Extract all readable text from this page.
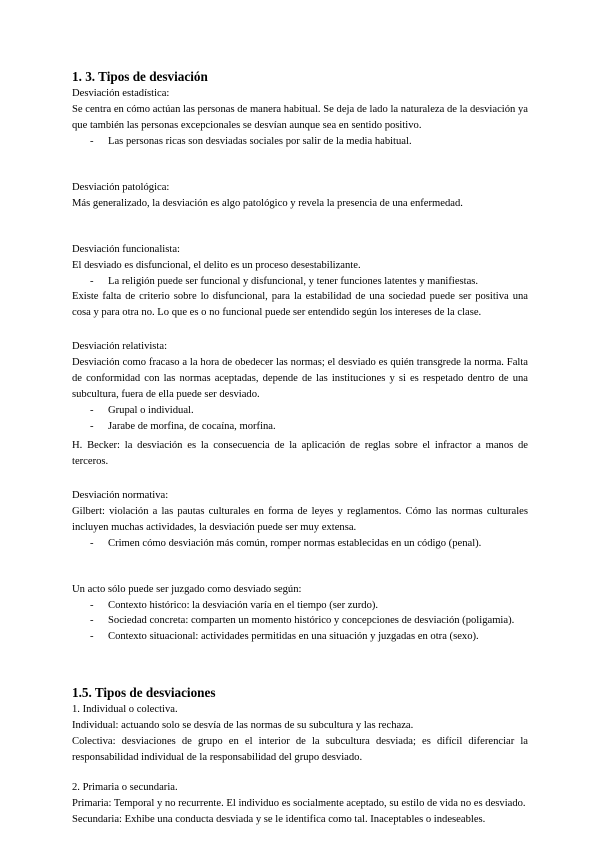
1. 3. Tipos de desviación

Desviación estadística:

Se centra en cómo actúan las personas de manera habitual. Se deja de lado la naturaleza de la desviación ya que también las personas excepcionales se desvían aunque sea en sentido positivo.

- Las personas ricas son desviadas sociales por salir de la media habitual.

Desviación patológica:

Más generalizado, la desviación es algo patológico y revela la presencia de una enfermedad.

Desviación funcionalista:

El desviado es disfuncional, el delito es un proceso desestabilizante.

- La religión puede ser funcional y disfuncional, y tener funciones latentes y manifiestas.

Existe falta de criterio sobre lo disfuncional, para la estabilidad de una sociedad puede ser positiva una cosa y para otra no. Lo que es o no funcional puede ser entendido según los intereses de la clase.

Desviación relativista:

Desviación como fracaso a la hora de obedecer las normas; el desviado es quién transgrede la norma. Falta de conformidad con las normas aceptadas, depende de las instituciones y si es respetado dentro de una subcultura, fuera de ella puede ser desviado.

- Grupal o individual.
- Jarabe de morfina, de cocaína, morfina.

H. Becker: la desviación es la consecuencia de la aplicación de reglas sobre el infractor a manos de terceros.

Desviación normativa:

Gilbert: violación a las pautas culturales en forma de leyes y reglamentos. Cómo las normas culturales incluyen muchas actividades, la desviación puede ser muy extensa.

- Crimen cómo desviación más común, romper normas establecidas en un código (penal).

Un acto sólo puede ser juzgado como desviado según:

- Contexto histórico: la desviación varía en el tiempo (ser zurdo).
- Sociedad concreta: comparten un momento histórico y concepciones de desviación (poligamia).
- Contexto situacional: actividades permitidas en una situación y juzgadas en otra (sexo).
1.5. Tipos de desviaciones

1. Individual o colectiva.

Individual: actuando solo se desvía de las normas de su subcultura y las rechaza.

Colectiva: desviaciones de grupo en el interior de la subcultura desviada; es difícil diferenciar la responsabilidad individual de la responsabilidad del grupo desviado.

2. Primaria o secundaria.

Primaria: Temporal y no recurrente. El individuo es socialmente aceptado, su estilo de vida no es desviado.

Secundaria: Exhibe una conducta desviada y se le identifica como tal. Inaceptables o indeseables.
